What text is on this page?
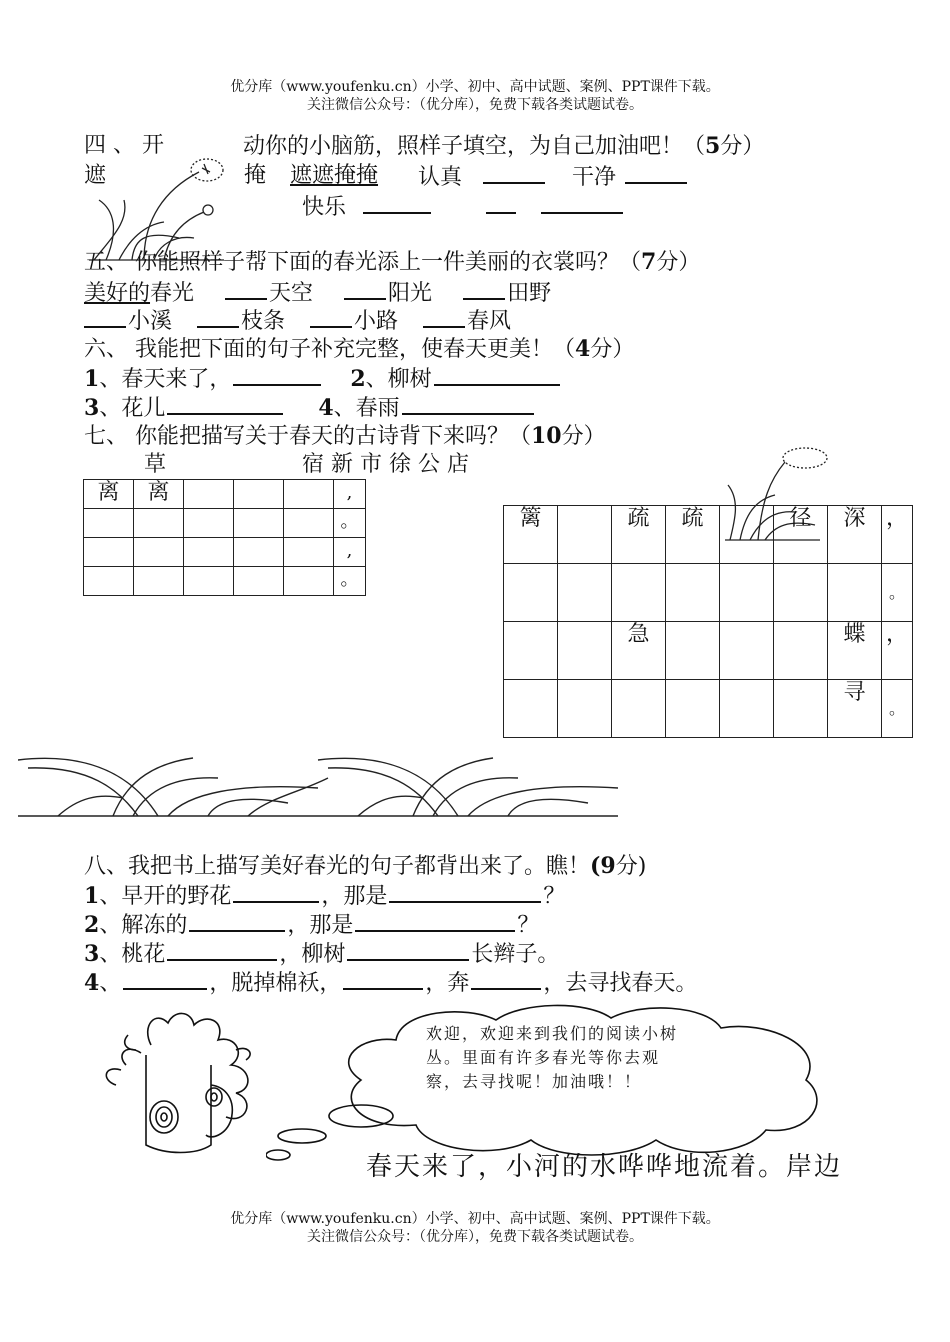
优分库（www.youfenku.cn）小学、初中、高中试题、案例、PPT课件下载。
关注微信公众号：（优分库），免费下载各类试题试卷。
四 、 开	动你的小脑筋，照样子填空，为自己加油吧！（5分）
遮	掩 遮遮掩掩 认真	干净
快乐
五、 你能照样子帮下面的春光添上一件美丽的衣裳吗？（7分）
美好的春光	天空	阳光	田野
小溪	枝条	小路	春风
六、 我能把下面的句子补充完整，使春天更美！（4分）
1、春天来了，	2、柳树
3、花儿	4、春雨
七、 你能把描写关于春天的古诗背下来吗？（10分）
草	宿 新 市 徐 公 店
离	离				,
					。
					,
					。
篱		疏	疏		径	深	，
							。
		急				蝶	，
						寻	。
八、我把书上描写美好春光的句子都背出来了。瞧！(9分)
1、早开的野花	，那是	？
2、解冻的	，那是	？
3、桃花	，柳树	长辫子。
4、	，脱掉棉袄，	，奔	，去寻找春天。
欢迎，欢迎来到我们的阅读小树
丛。里面有许多春光等你去观
察，去寻找呢！加油哦！！
春天来了，小河的水哗哗地流着。岸边
优分库（www.youfenku.cn）小学、初中、高中试题、案例、PPT课件下载。
关注微信公众号：（优分库），免费下载各类试题试卷。
